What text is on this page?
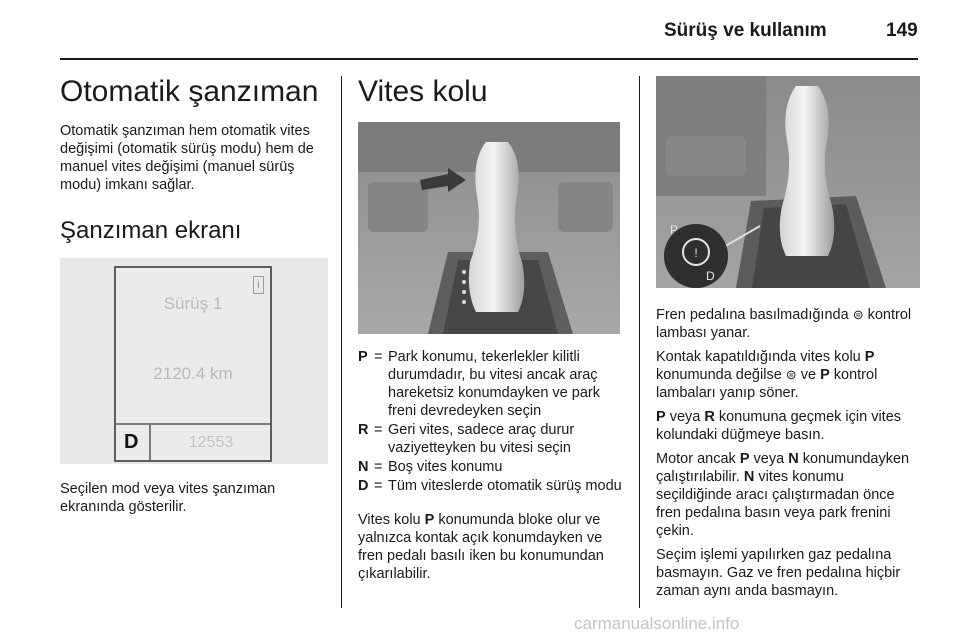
Sürüş ve kullanım	149
Otomatik şanzıman

Otomatik şanzıman hem otomatik vites değişimi (otomatik sürüş modu) hem de manuel vites değişimi (manuel sürüş modu) imkanı sağlar.

Şanzıman ekranı
i
Sürüş 1
2120.4 km
D	12553

Seçilen mod veya vites şanzıman ekranında gösterilir.

Vites kolu
P = Park konumu, tekerlekler kilitli durumdadır, bu vitesi ancak araç hareketsiz konumdayken ve park freni devredeyken seçin
R = Geri vites, sadece araç durur vaziyetteyken bu vitesi seçin
N = Boş vites konumu
D = Tüm viteslerde otomatik sürüş modu

Vites kolu P konumunda bloke olur ve yalnızca kontak açık konumdayken ve fren pedalı basılı iken bu konumundan çıkarılabilir.

!
P
D

Fren pedalına basılmadığında ⊜ kontrol lambası yanar.

Kontak kapatıldığında vites kolu P konumunda değilse ⊜ ve P kontrol lambaları yanıp söner.

P veya R konumuna geçmek için vites kolundaki düğmeye basın.

Motor ancak P veya N konumundayken çalıştırılabilir. N vites konumu seçildiğinde aracı çalıştırmadan önce fren pedalına basın veya park frenini çekin.

Seçim işlemi yapılırken gaz pedalına basmayın. Gaz ve fren pedalına hiçbir zaman aynı anda basmayın.

carmanualsonline.info
